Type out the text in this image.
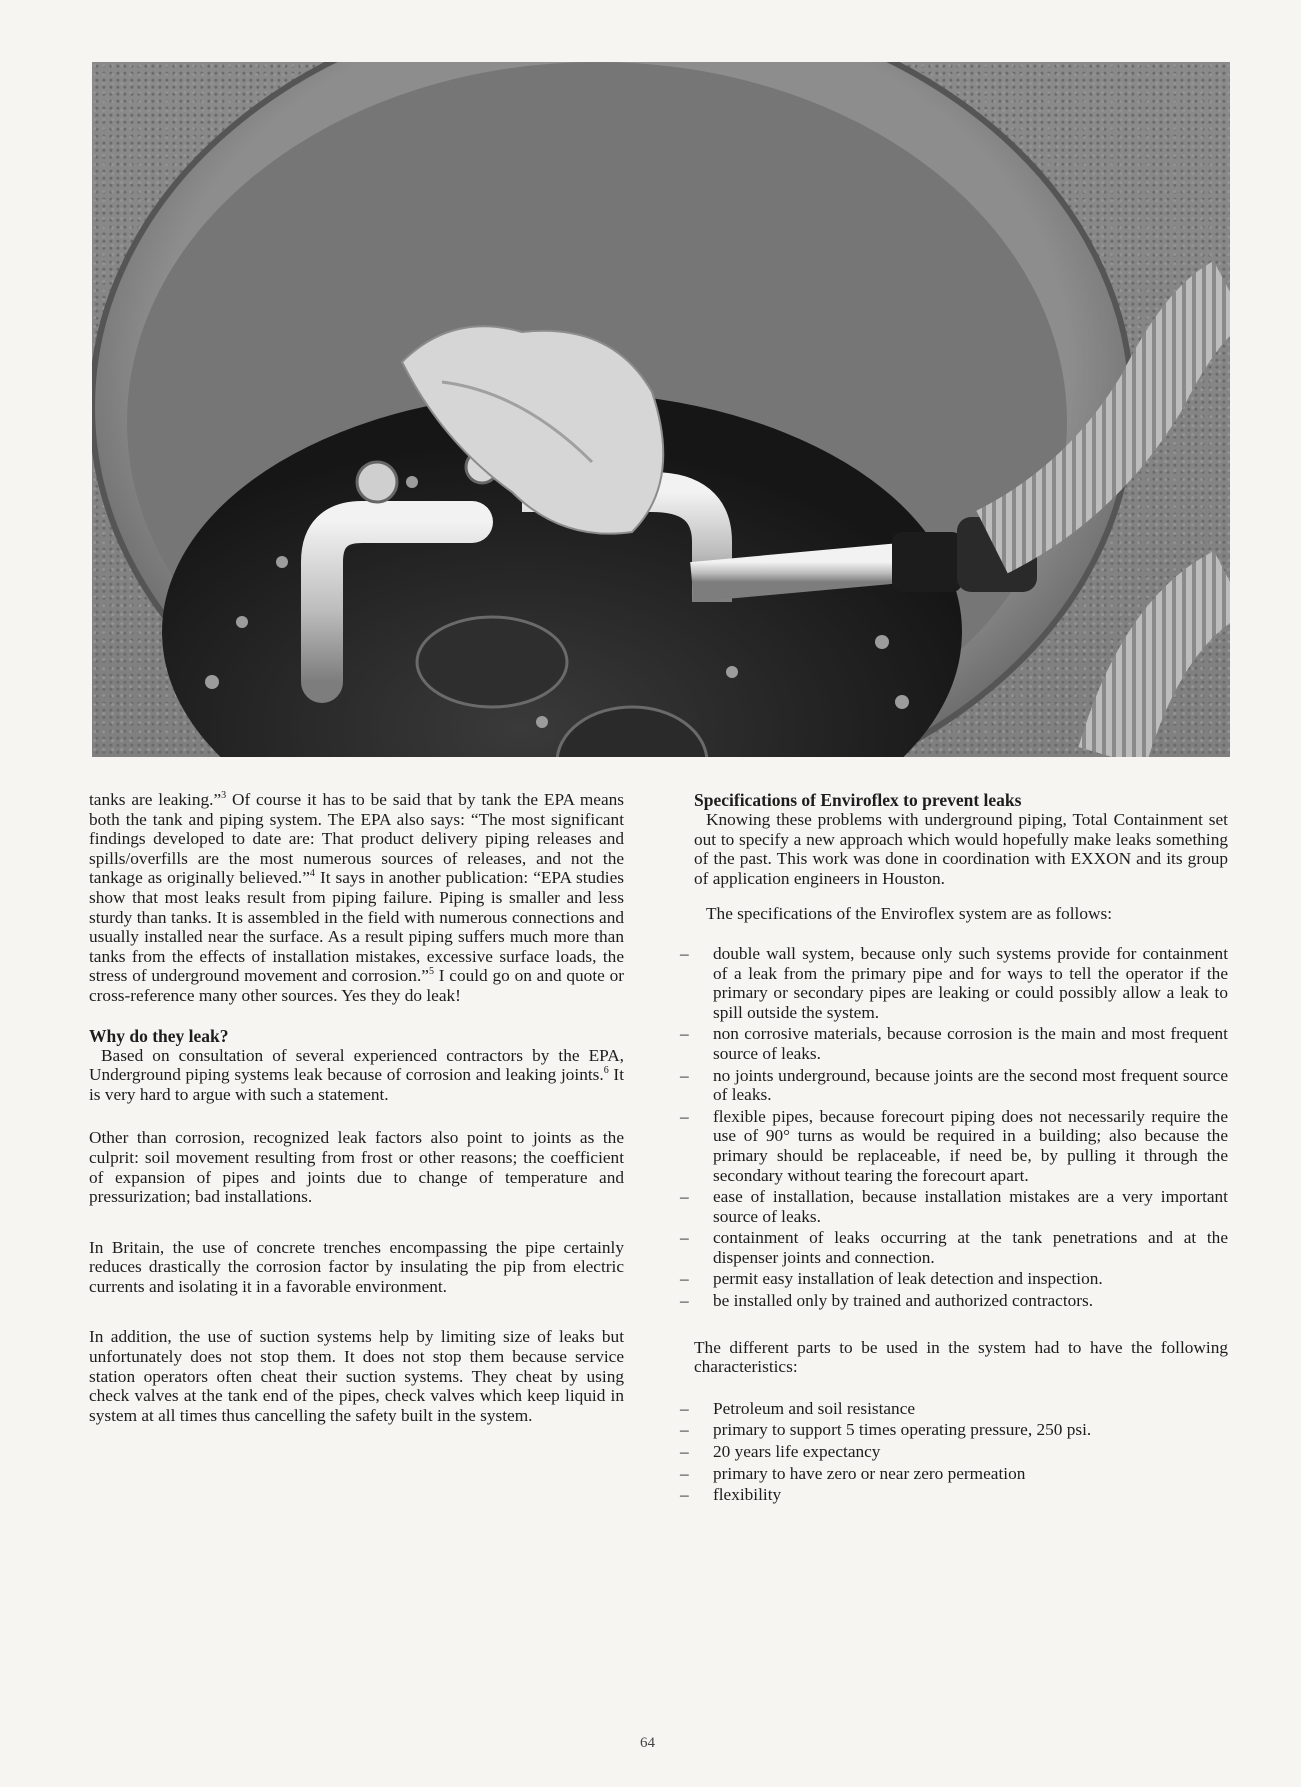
tanks are leaking.”$^3$ Of course it has to be said that by tank the EPA means both the tank and piping system. The EPA also says: “The most significant findings developed to date are: That product delivery piping releases and spills/overfills are the most numerous sources of releases, and not the tankage as originally believed.”$^4$ It says in another publication: “EPA studies show that most leaks result from piping failure. Piping is smaller and less sturdy than tanks. It is assembled in the field with numerous connections and usually installed near the surface. As a result piping suffers much more than tanks from the effects of installation mistakes, excessive surface loads, the stress of underground movement and corrosion.”$^5$ I could go on and quote or cross-reference many other sources. Yes they do leak!

Why do they leak?

Based on consultation of several experienced contractors by the EPA, Underground piping systems leak because of corrosion and leaking joints.$^6$ It is very hard to argue with such a statement.

Other than corrosion, recognized leak factors also point to joints as the culprit: soil movement resulting from frost or other reasons; the coefficient of expansion of pipes and joints due to change of temperature and pressurization; bad installations.

In Britain, the use of concrete trenches encompassing the pipe certainly reduces drastically the corrosion factor by insulating the pip from electric currents and isolating it in a favorable environment.

In addition, the use of suction systems help by limiting size of leaks but unfortunately does not stop them. It does not stop them because service station operators often cheat their suction systems. They cheat by using check valves at the tank end of the pipes, check valves which keep liquid in system at all times thus cancelling the safety built in the system.

Specifications of Enviroflex to prevent leaks

Knowing these problems with underground piping, Total Containment set out to specify a new approach which would hopefully make leaks something of the past. This work was done in coordination with EXXON and its group of application engineers in Houston.

The specifications of the Enviroflex system are as follows:

– double wall system, because only such systems provide for containment of a leak from the primary pipe and for ways to tell the operator if the primary or secondary pipes are leaking or could possibly allow a leak to spill outside the system.
– non corrosive materials, because corrosion is the main and most frequent source of leaks.
– no joints underground, because joints are the second most frequent source of leaks.
– flexible pipes, because forecourt piping does not necessarily require the use of 90° turns as would be required in a building; also because the primary should be replaceable, if need be, by pulling it through the secondary without tearing the forecourt apart.
– ease of installation, because installation mistakes are a very important source of leaks.
– containment of leaks occurring at the tank penetrations and at the dispenser joints and connection.
– permit easy installation of leak detection and inspection.
– be installed only by trained and authorized contractors.

The different parts to be used in the system had to have the following characteristics:

– Petroleum and soil resistance
– primary to support 5 times operating pressure, 250 psi.
– 20 years life expectancy
– primary to have zero or near zero permeation
– flexibility
64
